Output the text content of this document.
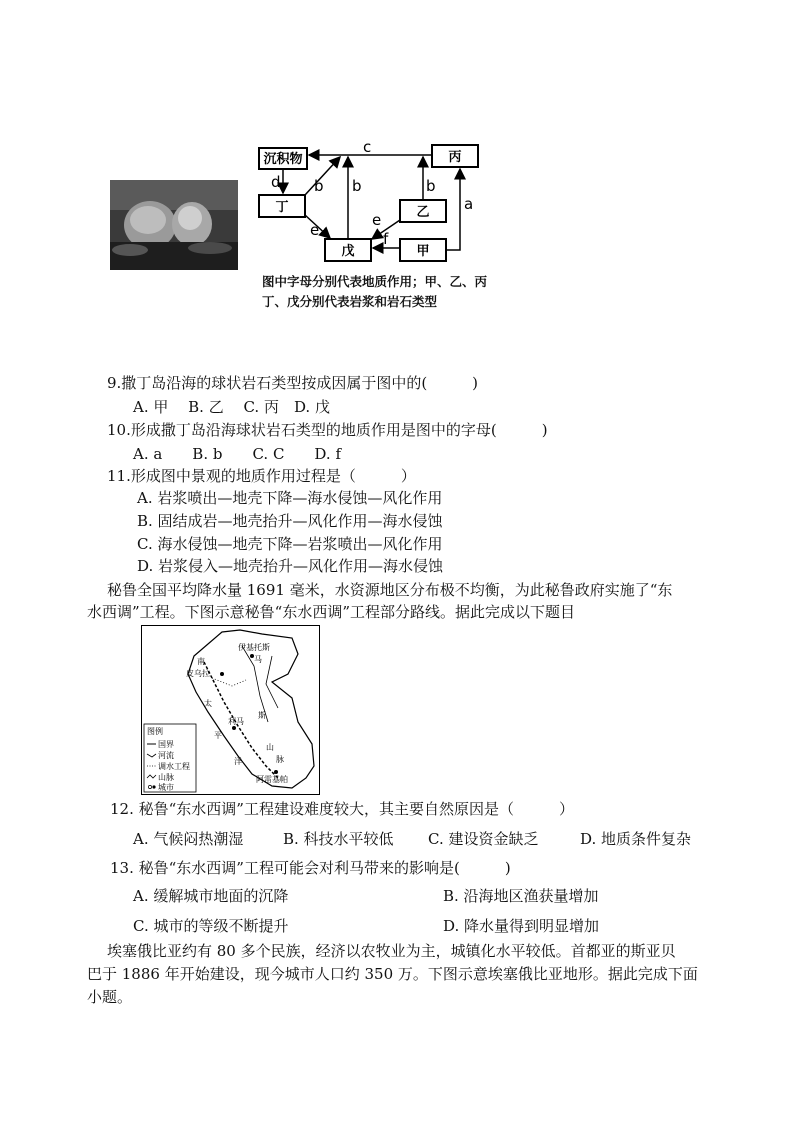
沉积物	丙
丁	乙
戊	甲
c
d b b	b
a
e
e
f
图中字母分别代表地质作用；甲、乙、丙
丁、戊分别代表岩浆和岩石类型
9.撒丁岛沿海的球状岩石类型按成因属于图中的(　　　)
A. 甲　 B. 乙　 C. 丙　D. 戊
10.形成撒丁岛沿海球状岩石类型的地质作用是图中的字母(　　　)
A. a　　B. b　　C. C　　D. f
11.形成图中景观的地质作用过程是（　　　）
A. 岩浆喷出—地壳下降—海水侵蚀—风化作用
B. 固结成岩—地壳抬升—风化作用—海水侵蚀
C. 海水侵蚀—地壳下降—岩浆喷出—风化作用
D. 岩浆侵入—地壳抬升—风化作用—海水侵蚀
秘鲁全国平均降水量 1691 毫米，水资源地区分布极不均衡，为此秘鲁政府实施了“东
水西调”工程。下图示意秘鲁“东水西调”工程部分路线。据此完成以下题目
南
皮乌拉
伊基托斯
马
太
平
洋
利马
斯
山
脉
阿雷基帕
图例
国界
河流
调水工程
山脉
城市
12. 秘鲁“东水西调”工程建设难度较大，其主要自然原因是（　　　）
A. 气候闷热潮湿	B. 科技水平较低 C. 建设资金缺乏	D. 地质条件复杂
13. 秘鲁“东水西调”工程可能会对利马带来的影响是(　　　)
A. 缓解城市地面的沉降	B. 沿海地区渔获量增加
C. 城市的等级不断提升	D. 降水量得到明显增加
埃塞俄比亚约有 80 多个民族，经济以农牧业为主，城镇化水平较低。首都亚的斯亚贝
巴于 1886 年开始建设，现今城市人口约 350 万。下图示意埃塞俄比亚地形。据此完成下面
小题。
